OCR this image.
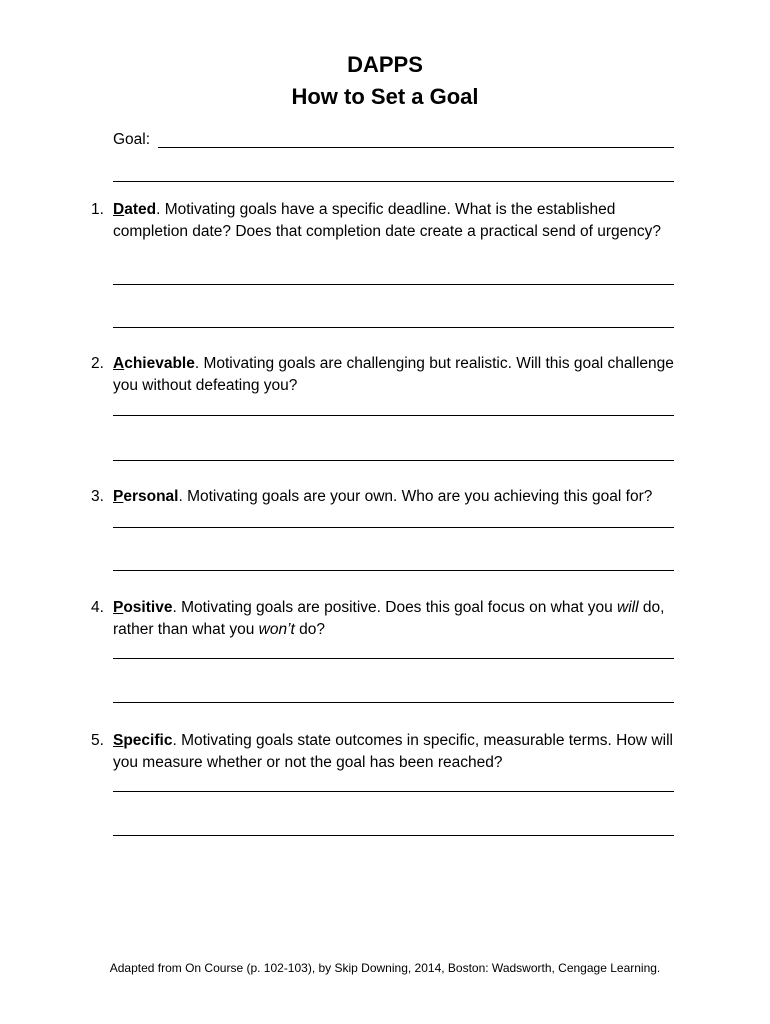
DAPPS
How to Set a Goal
Goal:
1. Dated. Motivating goals have a specific deadline. What is the established completion date? Does that completion date create a practical send of urgency?
2. Achievable. Motivating goals are challenging but realistic. Will this goal challenge you without defeating you?
3. Personal. Motivating goals are your own. Who are you achieving this goal for?
4. Positive. Motivating goals are positive. Does this goal focus on what you will do, rather than what you won’t do?
5. Specific. Motivating goals state outcomes in specific, measurable terms. How will you measure whether or not the goal has been reached?
Adapted from On Course (p. 102-103), by Skip Downing, 2014, Boston: Wadsworth, Cengage Learning.
